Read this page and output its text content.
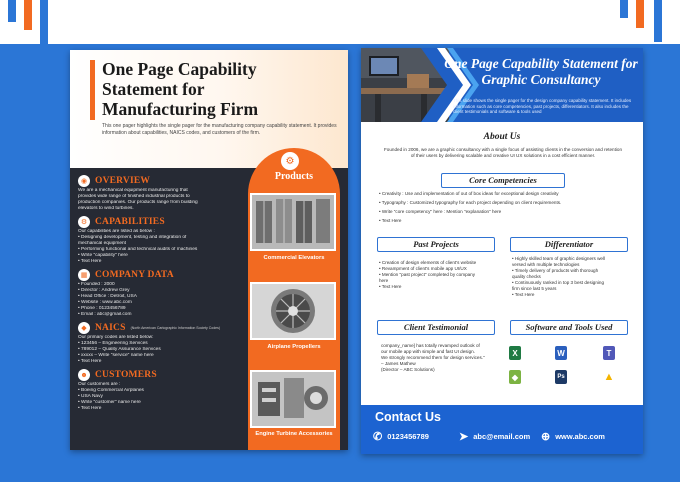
One Page Capability Statement for Manufacturing Firm
This one pager highlights the single pager for the manufacturing company capability statement. It provides information about capabilities, NAICS codes, and customers of the firm.
◉ OVERVIEW
We are a mechanical equipment manufacturing that
provides wide range of finished industrial products to
production companies. Our products range from building
elevators to wind turbines.
⚙ CAPABILITIES
Our capabilities are listed as below :
• Designing development, testing and integration of
mechanical equipment
• Performing functional and technical audits of machines
• Write "capability" here
• Text Here
▦ COMPANY DATA
• Founded : 2000
• Director : Andrew Grey
• Head Office : Detroit, USA
• Website : www.abc.com
• Phone : 0123456789
• Email : abc@gmail.com
◆ NAICS (North American Cartographic Information Society Codes)
Our primary codes are listed below:
• 123456 – Engineering Services
• 789012 – Quality Assurance Services
• xxxxx – Write "service" name here
• Text Here
☻ CUSTOMERS
Our customers are :
• Boeing Commercial Airplanes
• USA Navy
• Write "customer" name here
• Text Here
⚙
Products
Commercial Elevators
Airplane Propellers
Engine Turbine Accessories
One Page Capability Statement for Graphic Consultancy
This slide shows the single pager for the design company capability statement. It includes information such as core competencies, past projects, differentiators. It also includes the client testimonials and software & tools used
About Us
Founded in 2006, we are a graphic consultancy with a single focus of assisting clients in the conversion and retention of their users by delivering scalable and creative UI UX solutions in a cost efficient manner.
Core Competencies
• Creativity : Use and implementation of out of box ideas for exceptional design creativity
• Typography : Customized typography for each project depending on client requirements.
• Write "core competency" here : Mention "explanation" here
• Text Here
Past Projects
• Creation of design elements of client's website
• Revampment of client's mobile app UI/UX
• Mention "past project" completed by company
here
• Text Here
Differentiator
• Highly skilled team of graphic designers well
versed with multiple technologies
• Timely delivery of products with thorough
quality checks
• Continuously ranked in top 3 best designing
firm since last 5 years
• Text Here
Client Testimonial
company_name] has totally revamped outlook of
our mobile app with simple and fast UI design.
We strongly recommend them for design services."
– James Mathew
(Director – ABC Solutions)
Software and Tools Used
X	W	T
◆	Ps	▲
Contact Us
✆ 0123456789	➤ abc@email.com ⊕ www.abc.com
